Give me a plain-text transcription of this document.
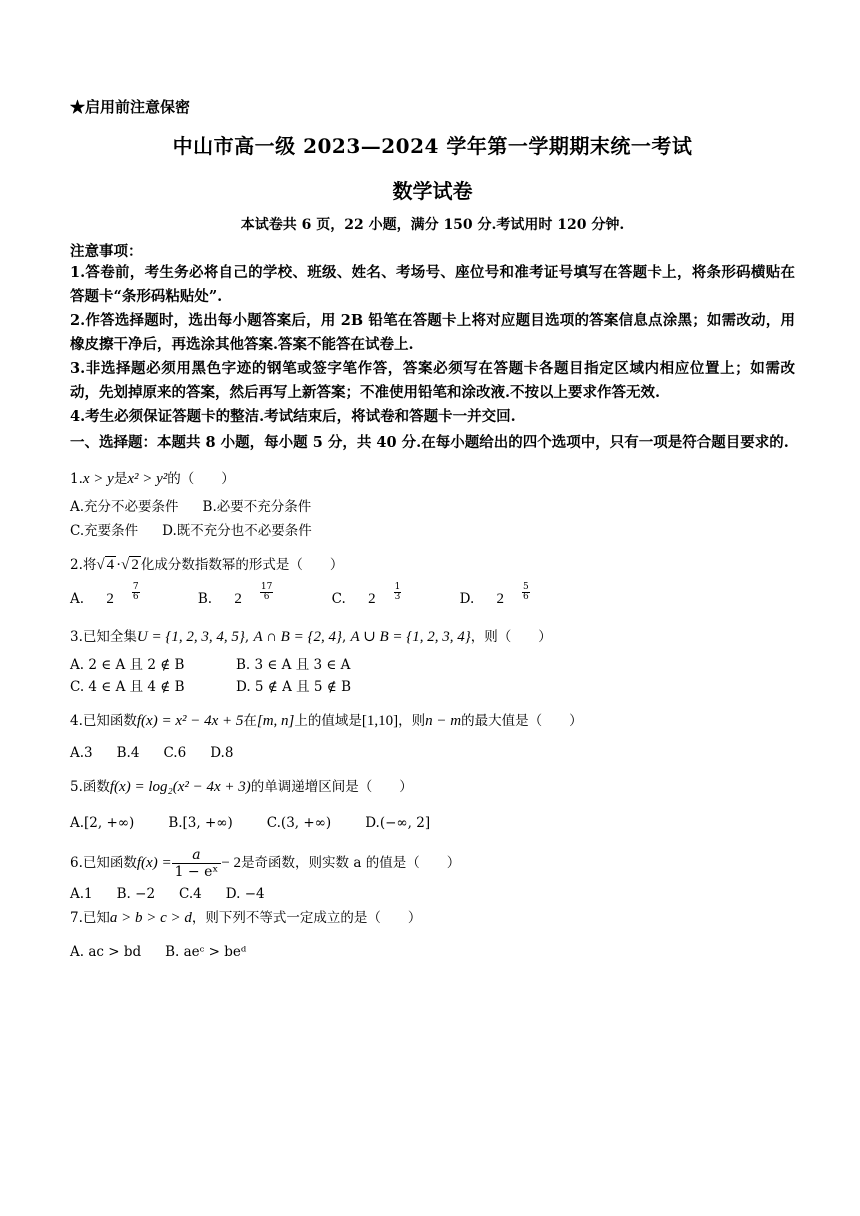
★启用前注意保密
中山市高一级 2023—2024 学年第一学期期末统一考试
数学试卷
本试卷共 6 页，22 小题，满分 150 分.考试用时 120 分钟.
注意事项：

1.答卷前，考生务必将自己的学校、班级、姓名、考场号、座位号和准考证号填写在答题卡上，将条形码横贴在答题卡“条形码粘贴处”.

2.作答选择题时，选出每小题答案后，用 2B 铅笔在答题卡上将对应题目选项的答案信息点涂黑；如需改动，用橡皮擦干净后，再选涂其他答案.答案不能答在试卷上.

3.非选择题必须用黑色字迹的钢笔或签字笔作答，答案必须写在答题卡各题目指定区域内相应位置上；如需改动，先划掉原来的答案，然后再写上新答案；不准使用铅笔和涂改液.不按以上要求作答无效.

4.考生必须保证答题卡的整洁.考试结束后，将试卷和答题卡一并交回.

一、选择题：本题共 8 小题，每小题 5 分，共 40 分.在每小题给出的四个选项中，只有一项是符合题目要求的.
1.x > y是x² > y²的（　　）
A.充分不必要条件 B.必要不充分条件
C.充要条件 D.既不充分也不必要条件
2.将√ 4 ·√ 2 化成分数指数幂的形式是（　　）
A. $2 \frac{7}{6}$	B. $2 \frac{17}{6}$	C. $2 \frac{1}{3}$	D. $2 \frac{5}{6}$
3.已知全集U = {1, 2, 3, 4, 5}, A ∩ B = {2, 4}, A ∪ B = {1, 2, 3, 4}，则（　　）
A. 2 ∈ A 且 2 ∉ B	B. 3 ∈ A 且 3 ∈ A
C. 4 ∈ A 且 4 ∉ B	D. 5 ∉ A 且 5 ∉ B
4.已知函数f(x) = x² − 4x + 5在[m, n]上的值域是[1,10]，则n − m的最大值是（　　）
A.3 B.4 C.6 D.8
5.函数f(x) = log₂(x² − 4x + 3)的单调递增区间是（　　）
A.[2, +∞)	B.[3, +∞)	C.(3, +∞)	D.(−∞, 2]
6.已知函数$f(x) = \frac{a}{\text{1 − eˣ}} - 2$是奇函数，则实数 a 的值是（　　）
A.1 B. −2 C.4 D. −4
7.已知a > b > c > d，则下列不等式一定成立的是（　　）
A. ac > bd B. aeᶜ > beᵈ
